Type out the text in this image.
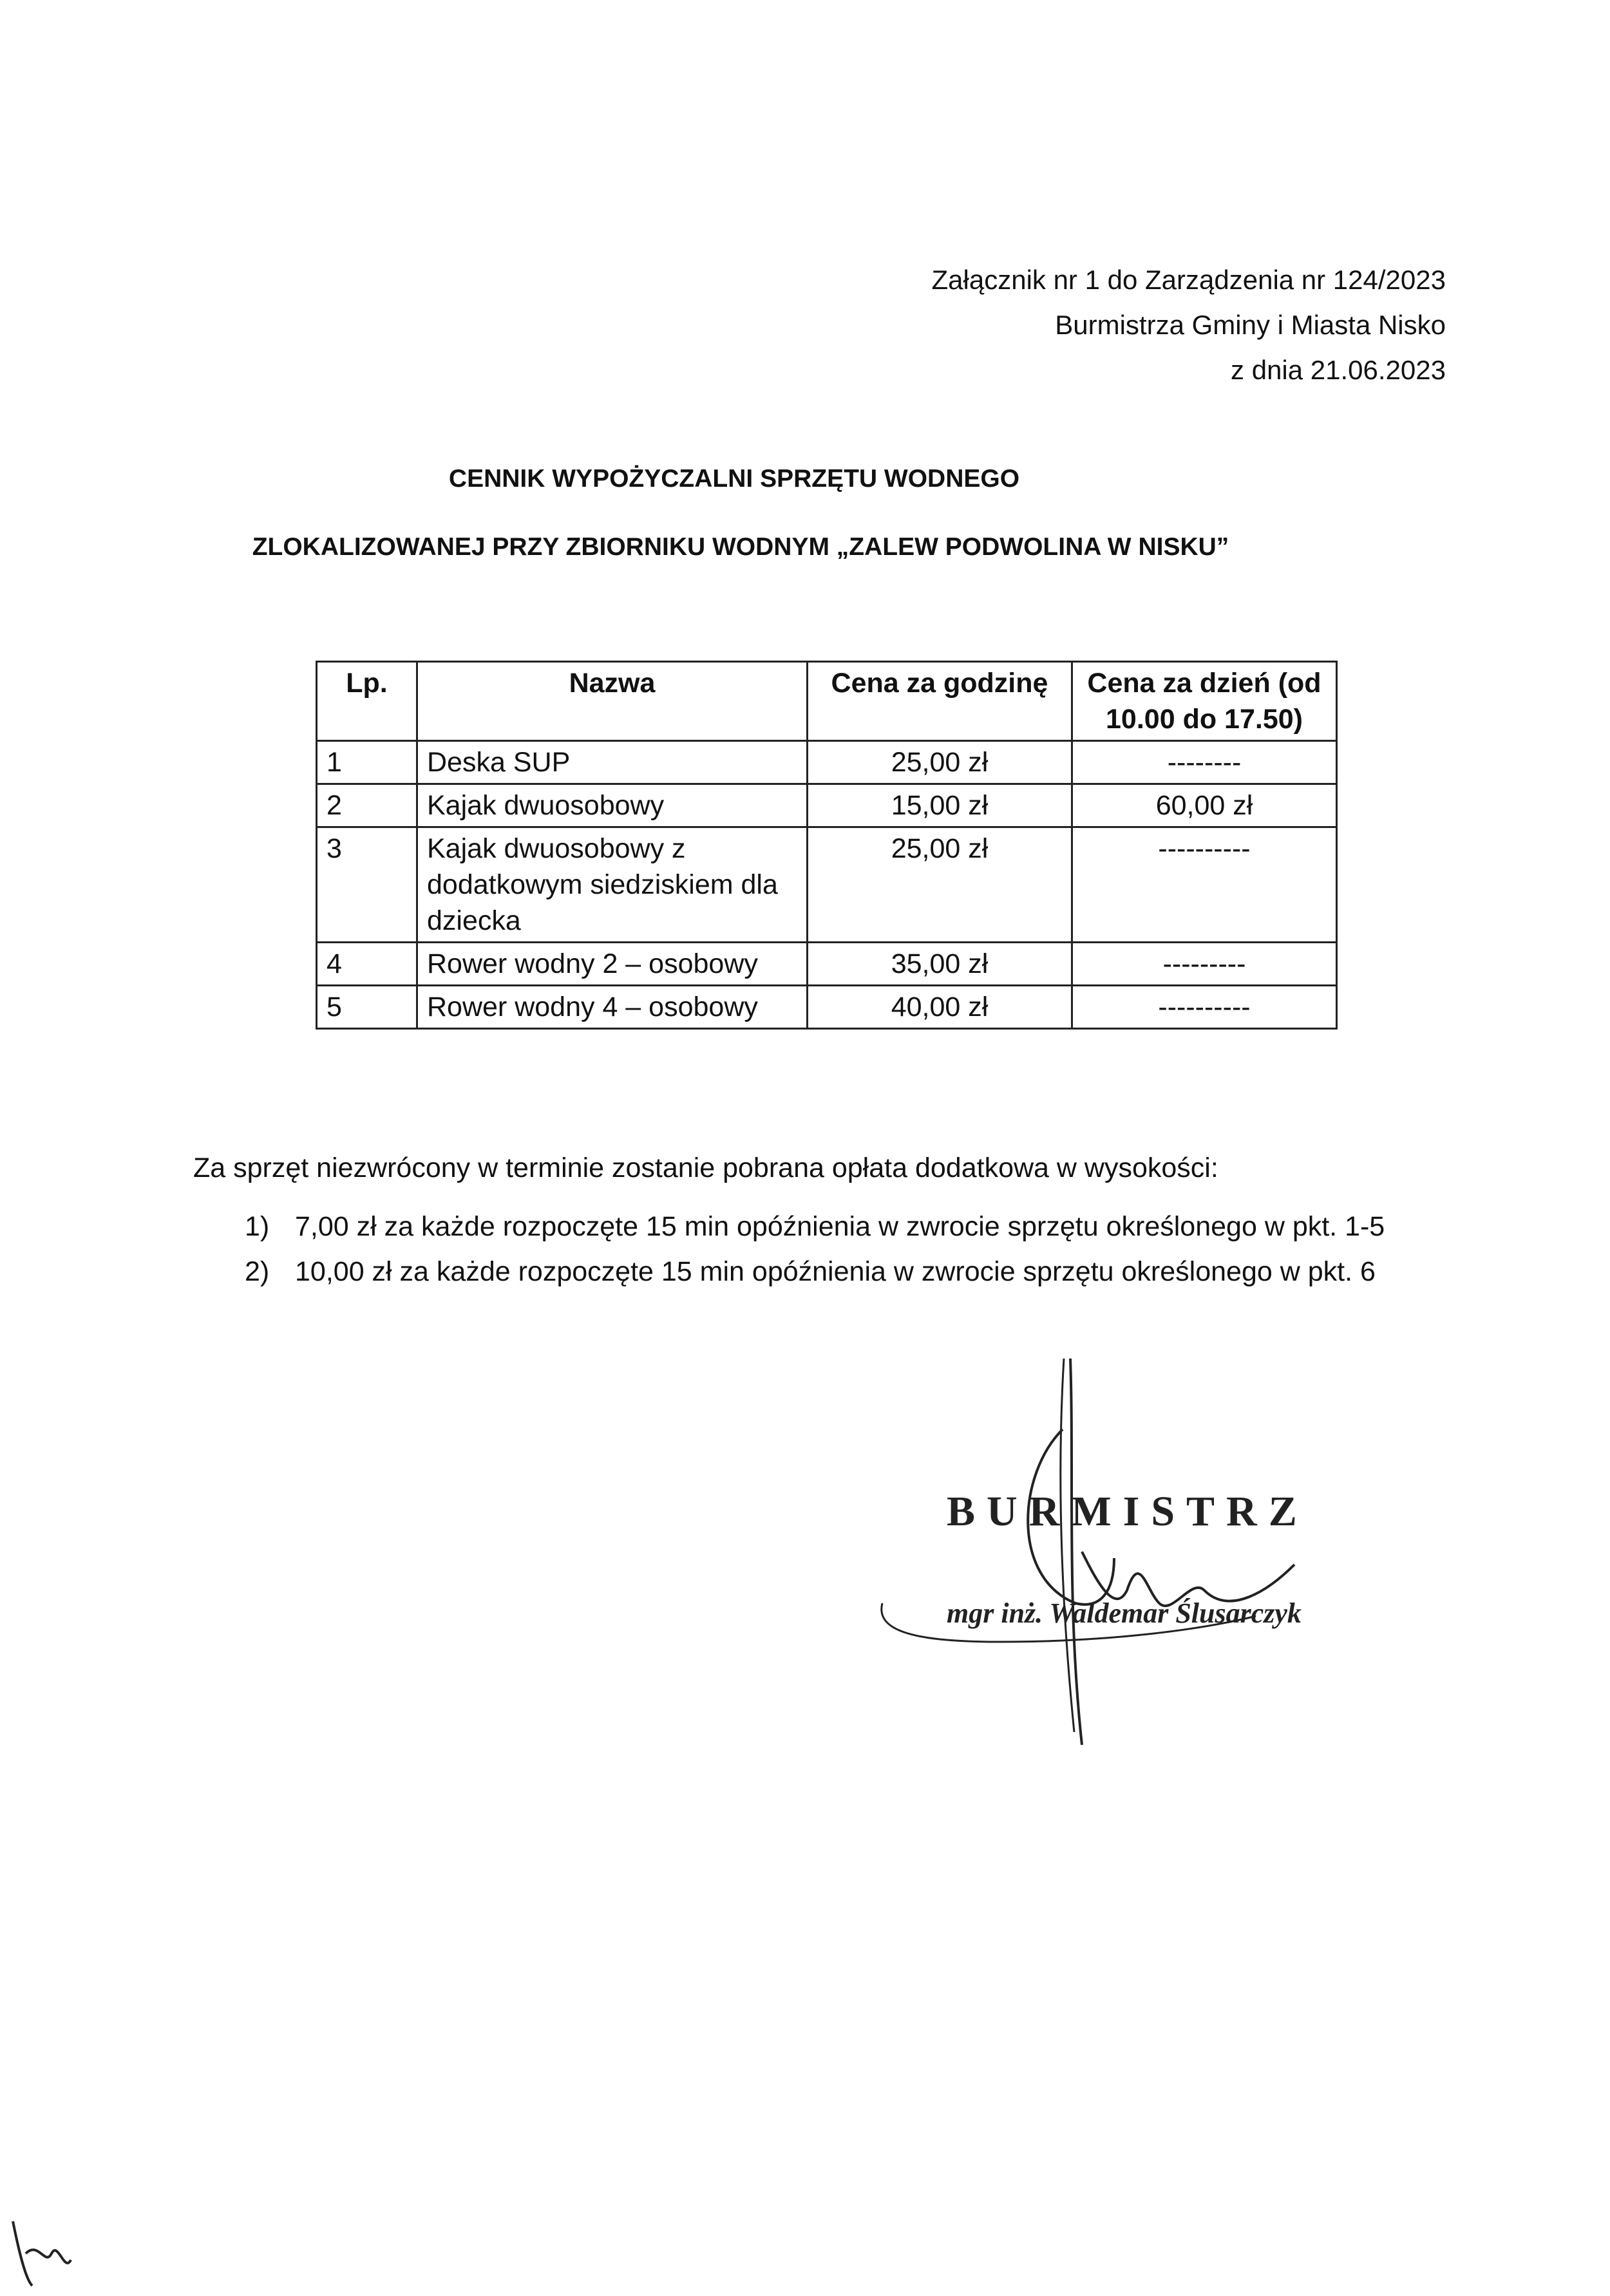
Załącznik nr 1 do Zarządzenia nr 124/2023
Burmistrza Gminy i Miasta Nisko
z dnia 21.06.2023
CENNIK WYPOŻYCZALNI SPRZĘTU WODNEGO
ZLOKALIZOWANEJ PRZY ZBIORNIKU WODNYM „ZALEW PODWOLINA W NISKU”
Lp.	Nazwa	Cena za godzinę	Cena za dzień (od 10.00 do 17.50)
1	Deska SUP	25,00 zł	--------
2	Kajak dwuosobowy	15,00 zł	60,00 zł
3	Kajak dwuosobowy z dodatkowym siedziskiem dla dziecka	25,00 zł	----------
4	Rower wodny 2 – osobowy	35,00 zł	---------
5	Rower wodny 4 – osobowy	40,00 zł	----------
Za sprzęt niezwrócony w terminie zostanie pobrana opłata dodatkowa w wysokości:
1) 7,00 zł za każde rozpoczęte 15 min opóźnienia w zwrocie sprzętu określonego w pkt. 1-5
2) 10,00 zł za każde rozpoczęte 15 min opóźnienia w zwrocie sprzętu określonego w pkt. 6
BURMISTRZ
mgr inż. Waldemar Ślusarczyk
